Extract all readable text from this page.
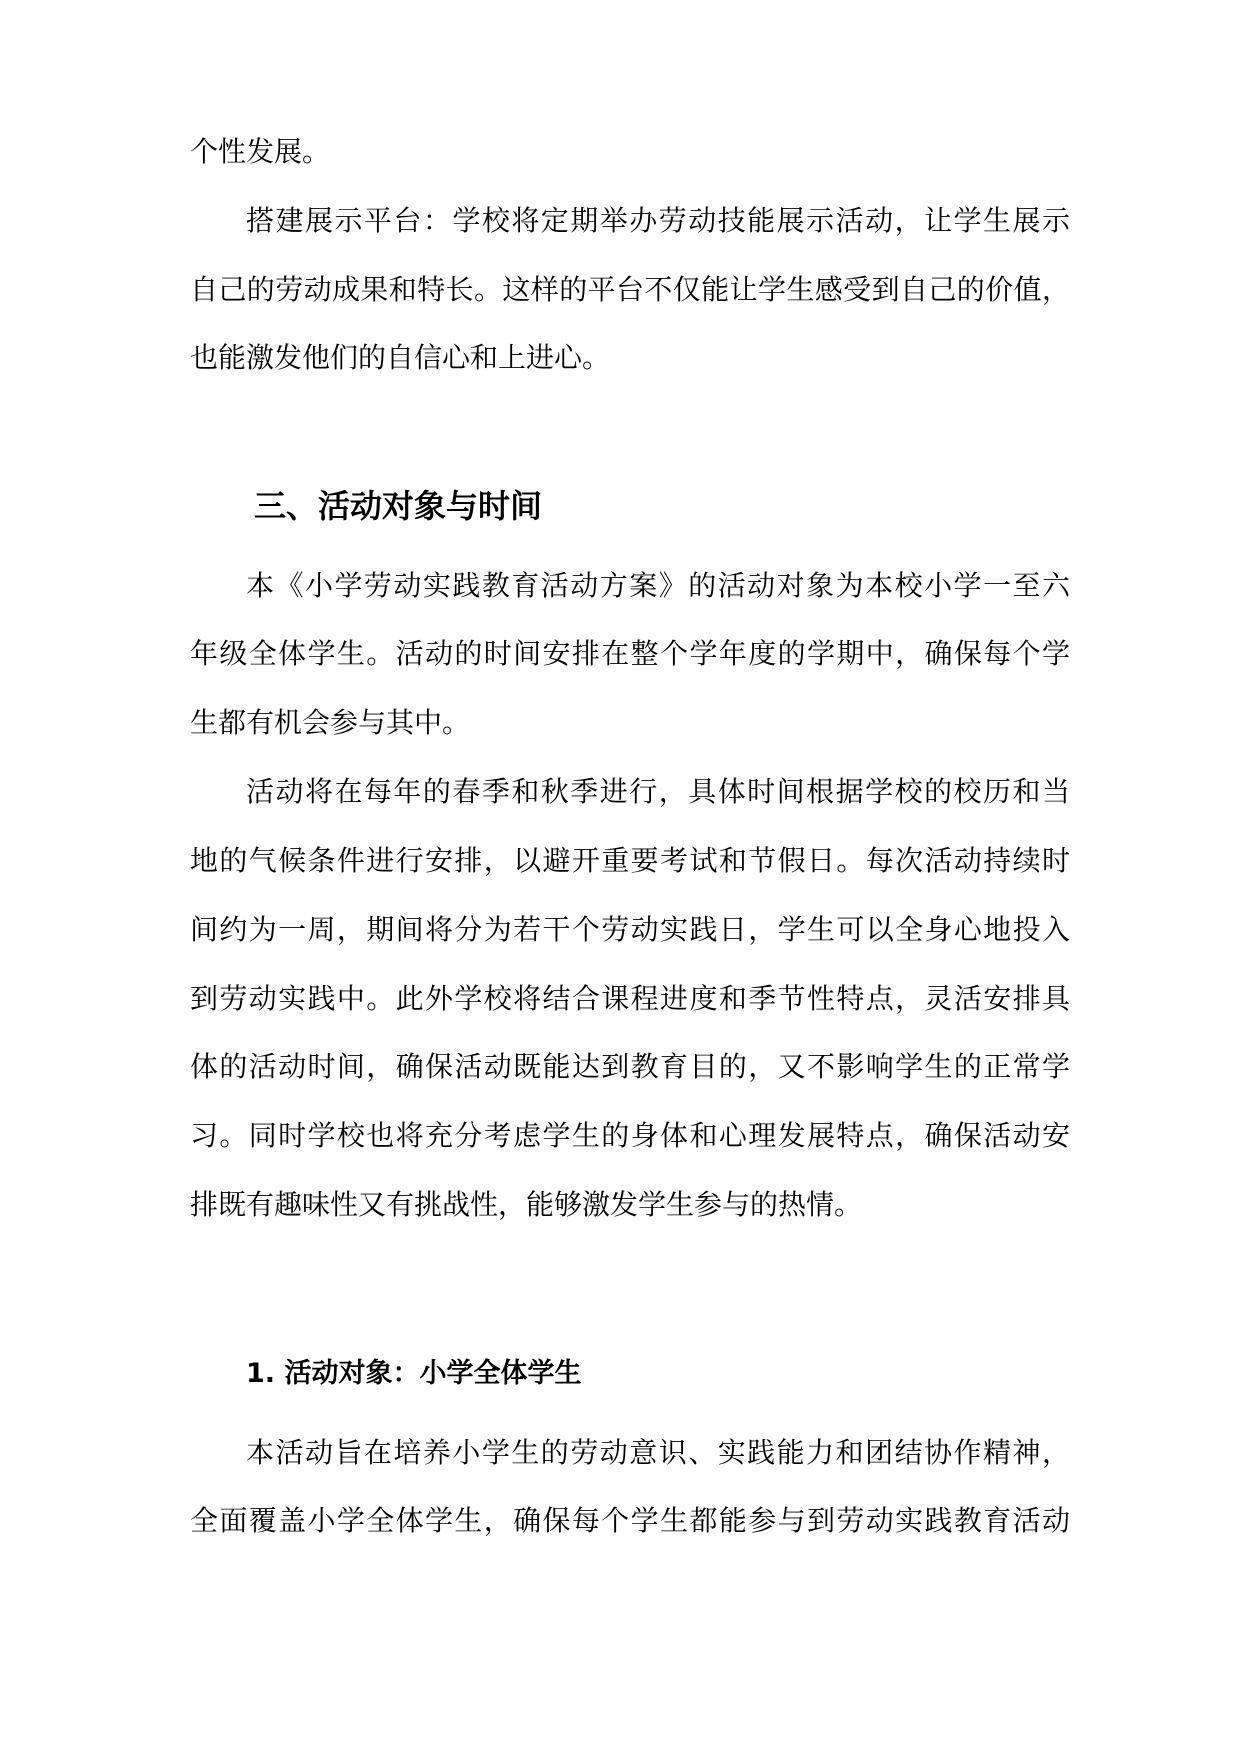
个性发展。
搭建展示平台：学校将定期举办劳动技能展示活动，让学生展示
自己的劳动成果和特长。这样的平台不仅能让学生感受到自己的价值，
也能激发他们的自信心和上进心。
三、活动对象与时间
本《小学劳动实践教育活动方案》的活动对象为本校小学一至六
年级全体学生。活动的时间安排在整个学年度的学期中，确保每个学
生都有机会参与其中。
活动将在每年的春季和秋季进行，具体时间根据学校的校历和当
地的气候条件进行安排，以避开重要考试和节假日。每次活动持续时
间约为一周，期间将分为若干个劳动实践日，学生可以全身心地投入
到劳动实践中。此外学校将结合课程进度和季节性特点，灵活安排具
体的活动时间，确保活动既能达到教育目的，又不影响学生的正常学
习。同时学校也将充分考虑学生的身体和心理发展特点，确保活动安
排既有趣味性又有挑战性，能够激发学生参与的热情。
1. 活动对象：小学全体学生
本活动旨在培养小学生的劳动意识、实践能力和团结协作精神，
全面覆盖小学全体学生，确保每个学生都能参与到劳动实践教育活动
